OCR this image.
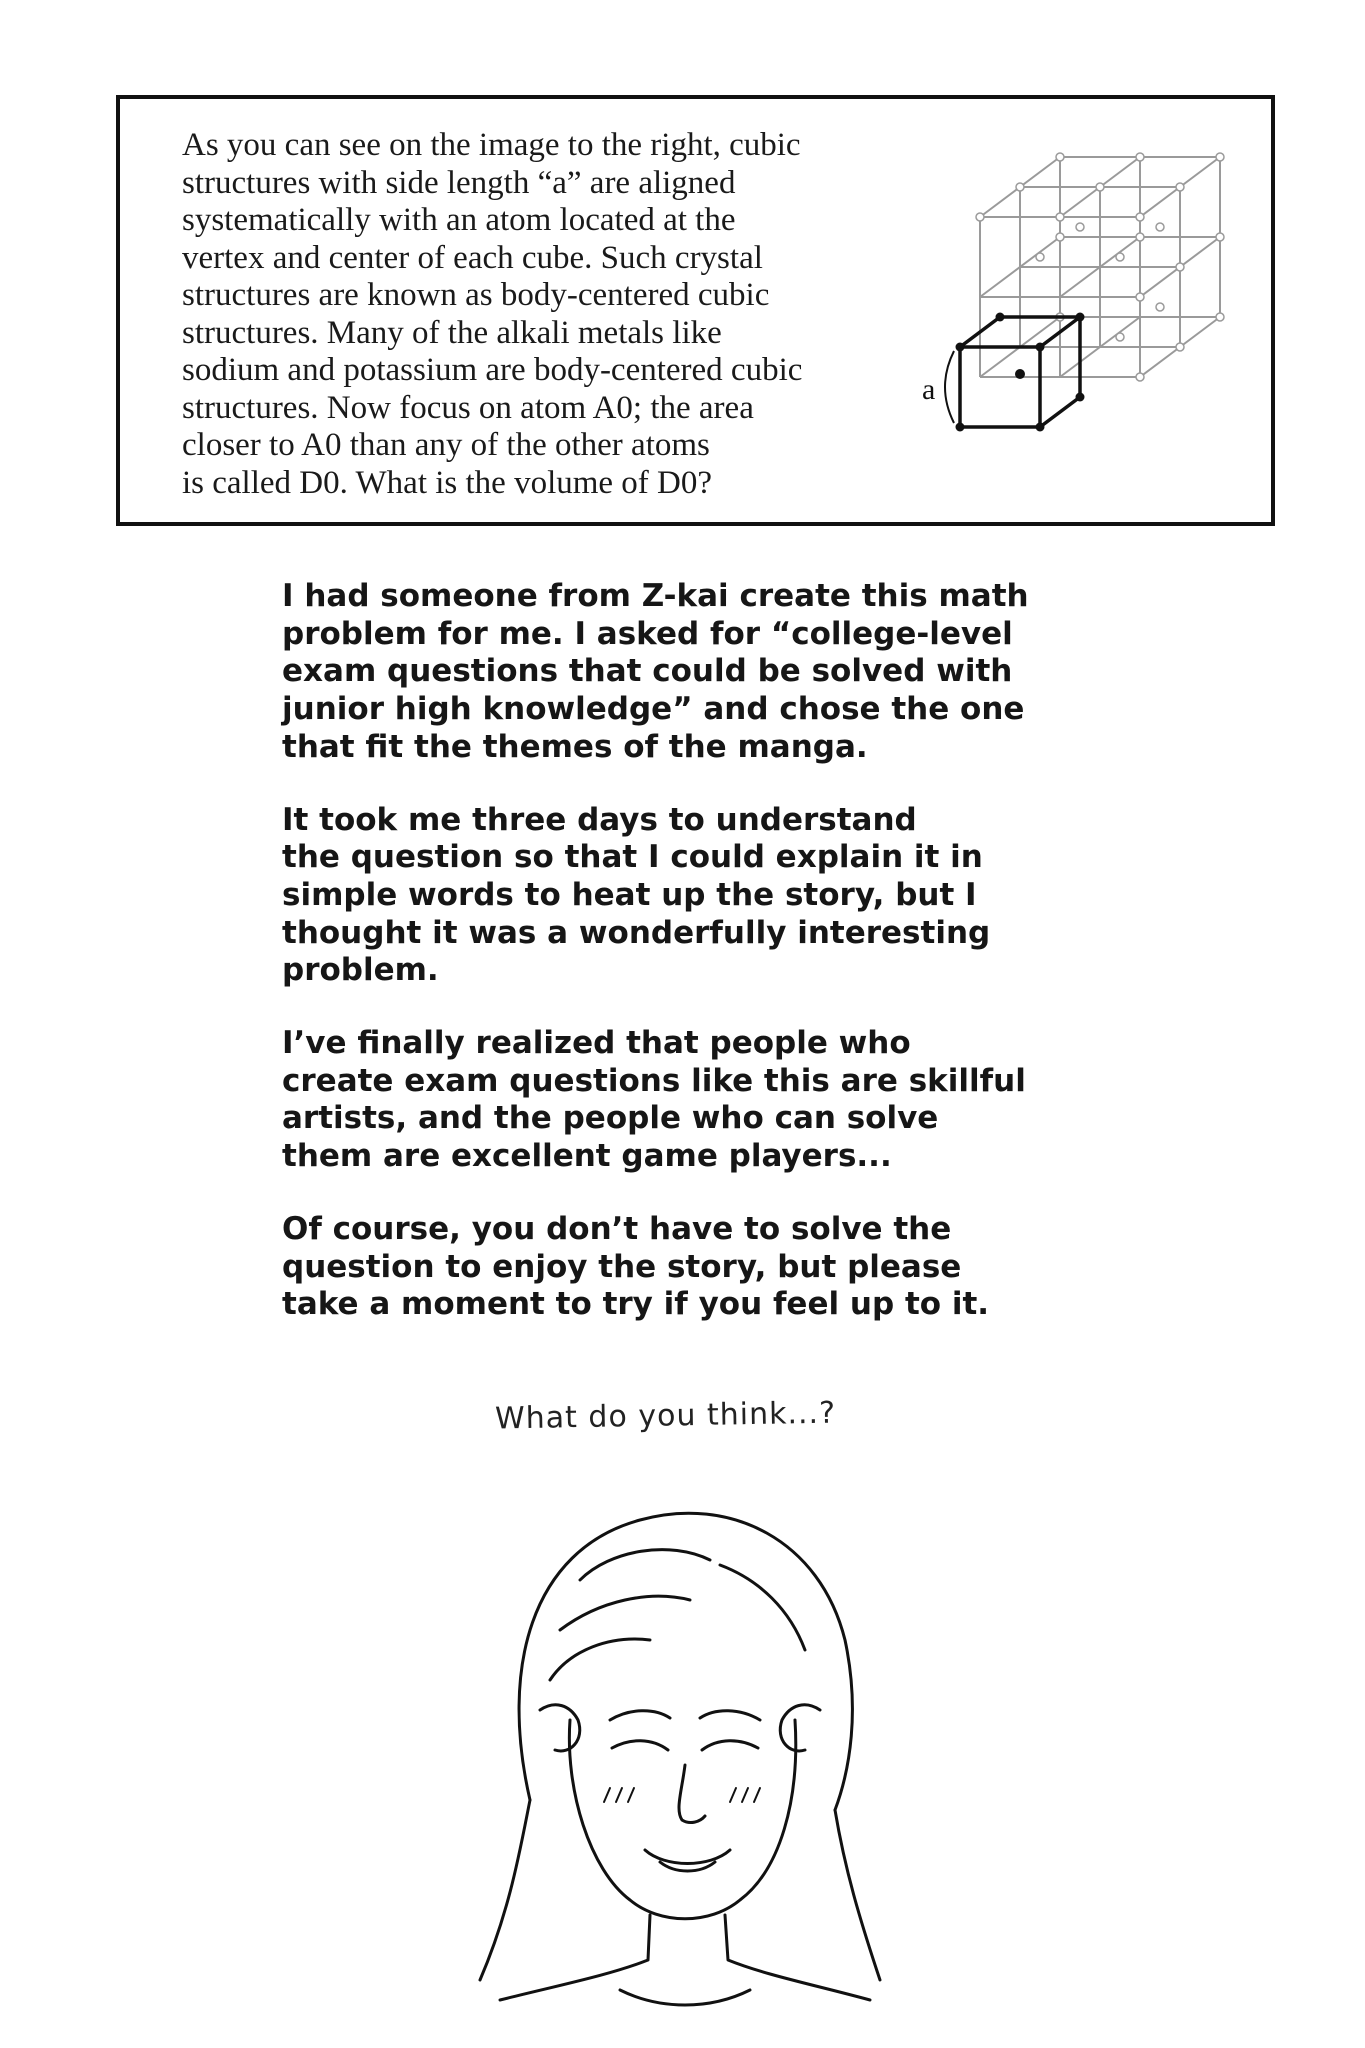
As you can see on the image to the right, cubic
structures with side length “a” are aligned
systematically with an atom located at the
vertex and center of each cube. Such crystal
structures are known as body-centered cubic
structures. Many of the alkali metals like
sodium and potassium are body-centered cubic
structures. Now focus on atom A0; the area
closer to A0 than any of the other atoms
is called D0. What is the volume of D0?

a

I had someone from Z-kai create this math
problem for me. I asked for “college-level
exam questions that could be solved with
junior high knowledge” and chose the one
that fit the themes of the manga.

It took me three days to understand
the question so that I could explain it in
simple words to heat up the story, but I
thought it was a wonderfully interesting
problem.

I’ve finally realized that people who
create exam questions like this are skillful
artists, and the people who can solve
them are excellent game players...

Of course, you don’t have to solve the
question to enjoy the story, but please
take a moment to try if you feel up to it.

What do you think...?
